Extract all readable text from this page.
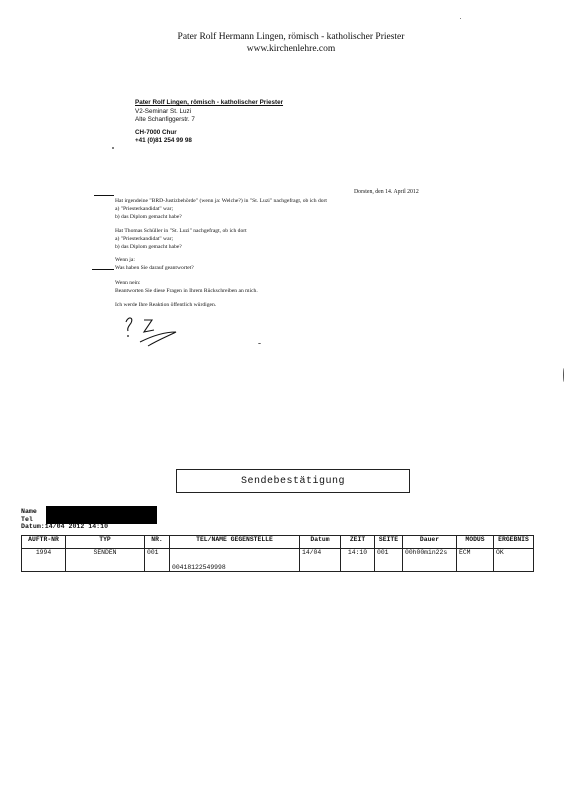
Pater Rolf Hermann Lingen, römisch - katholischer Priester
www.kirchenlehre.com
Pater Rolf Lingen, römisch - katholischer Priester
V2-Seminar St. Luzi
Alte Schanfiggerstr. 7
CH-7000 Chur
+41 (0)81 254 99 98
Dorsten, den 14. April 2012
Hat irgendeine "BRD-Justizbehörde" (wenn ja: Welche?) in "St. Luzi" nachgefragt, ob ich dort
a) "Priesterkandidat" war;
b) das Diplom gemacht habe?
Hat Thomas Schüller in "St. Luzi" nachgefragt, ob ich dort
a) "Priesterkandidat" war;
b) das Diplom gemacht habe?
Wenn ja:
Was haben Sie darauf geantwortet?
Wenn nein:
Beantworten Sie diese Fragen in Ihrem Rückschreiben an mich.
Ich werde Ihre Reaktion öffentlich würdigen.
Sendebestätigung
Name
Tel
Datum:14/04 2012 14:10
AUFTR-NR	TYP	NR.	TEL/NAME GEGENSTELLE	Datum	ZEIT	SEITE	Dauer	MODUS	ERGEBNIS
1994	SENDEN	001	00418122549998	14/04	14:10	001	00h00min22s	ECM	OK
